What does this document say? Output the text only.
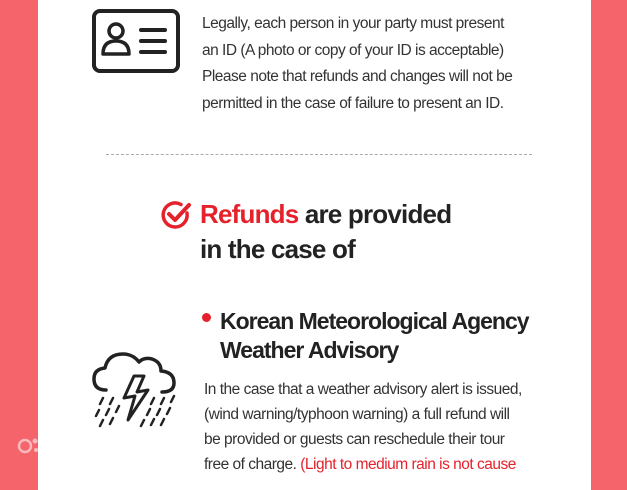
Legally, each person in your party must present
an ID (A photo or copy of your ID is acceptable)
Please note that refunds and changes will not be
permitted in the case of failure to present an ID.
Refunds are provided
in the case of
Korean Meteorological Agency
Weather Advisory
In the case that a weather advisory alert is issued,
(wind warning/typhoon warning) a full refund will
be provided or guests can reschedule their tour
free of charge. (Light to medium rain is not cause
